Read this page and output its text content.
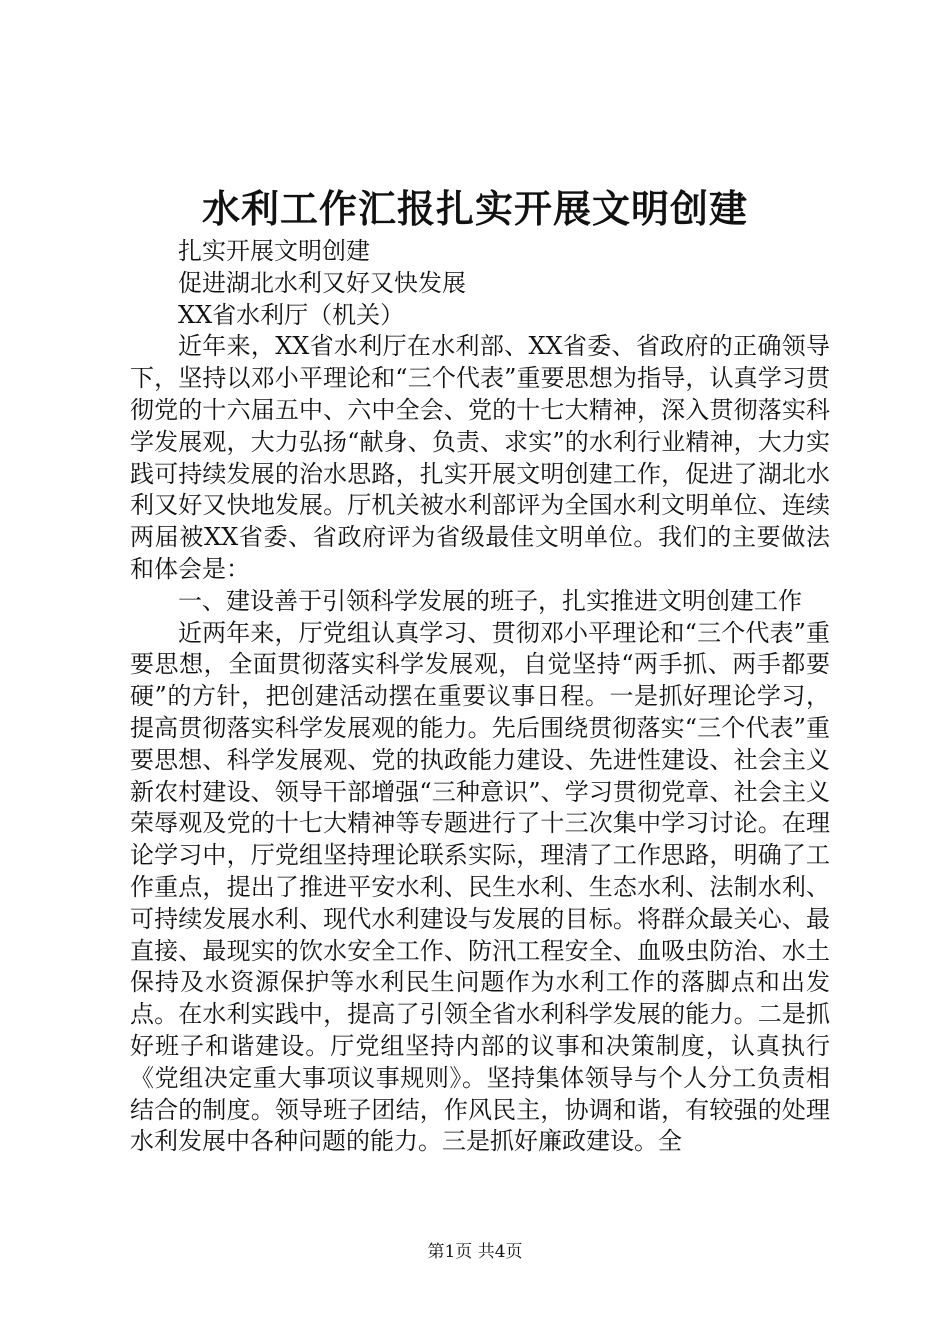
水利工作汇报扎实开展文明创建

扎实开展文明创建

促进湖北水利又好又快发展

XX省水利厅（机关）

近年来，XX省水利厅在水利部、XX省委、省政府的正确领导下，坚持以邓小平理论和“三个代表”重要思想为指导，认真学习贯彻党的十六届五中、六中全会、党的十七大精神，深入贯彻落实科学发展观，大力弘扬“献身、负责、求实”的水利行业精神，大力实践可持续发展的治水思路，扎实开展文明创建工作，促进了湖北水利又好又快地发展。厅机关被水利部评为全国水利文明单位、连续两届被XX省委、省政府评为省级最佳文明单位。我们的主要做法和体会是：

一、建设善于引领科学发展的班子，扎实推进文明创建工作

近两年来，厅党组认真学习、贯彻邓小平理论和“三个代表”重要思想，全面贯彻落实科学发展观，自觉坚持“两手抓、两手都要硬”的方针，把创建活动摆在重要议事日程。一是抓好理论学习，提高贯彻落实科学发展观的能力。先后围绕贯彻落实“三个代表”重要思想、科学发展观、党的执政能力建设、先进性建设、社会主义新农村建设、领导干部增强“三种意识”、学习贯彻党章、社会主义荣辱观及党的十七大精神等专题进行了十三次集中学习讨论。在理论学习中，厅党组坚持理论联系实际，理清了工作思路，明确了工作重点，提出了推进平安水利、民生水利、生态水利、法制水利、可持续发展水利、现代水利建设与发展的目标。将群众最关心、最直接、最现实的饮水安全工作、防汛工程安全、血吸虫防治、水土保持及水资源保护等水利民生问题作为水利工作的落脚点和出发点。在水利实践中，提高了引领全省水利科学发展的能力。二是抓好班子和谐建设。厅党组坚持内部的议事和决策制度，认真执行《党组决定重大事项议事规则》。坚持集体领导与个人分工负责相结合的制度。领导班子团结，作风民主，协调和谐，有较强的处理水利发展中各种问题的能力。三是抓好廉政建设。全

第1页 共4页
